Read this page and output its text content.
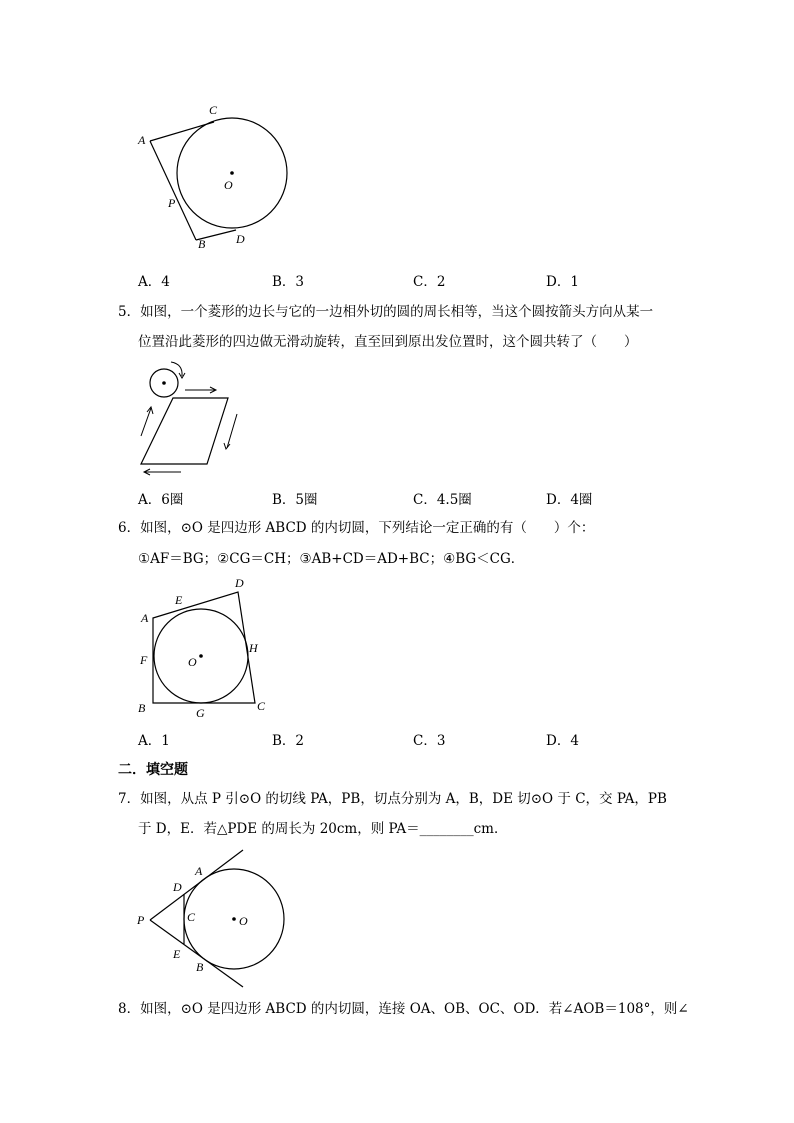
C
A
O
P
B	D
A．4	B．3	C．2	D．1
5．如图，一个菱形的边长与它的一边相外切的圆的周长相等，当这个圆按箭头方向从某一
位置沿此菱形的四边做无滑动旋转，直至回到原出发位置时，这个圆共转了（　　）
A．6圈	B．5圈	C．4.5圈	D．4圈
6．如图，⊙O 是四边形 ABCD 的内切圆，下列结论一定正确的有（　　）个：
①AF＝BG；②CG＝CH；③AB+CD＝AD+BC；④BG＜CG．
D
E
A
F	O
H
B	G	C
A．1	B．2	C．3	D．4
二．填空题
7．如图，从点 P 引⊙O 的切线 PA，PB，切点分别为 A，B，DE 切⊙O 于 C，交 PA，PB
于 D，E．若△PDE 的周长为 20cm，则 PA＝________cm．
A
D
P	C	O
E
B
8．如图，⊙O 是四边形 ABCD 的内切圆，连接 OA、OB、OC、OD．若∠AOB＝108°，则∠
